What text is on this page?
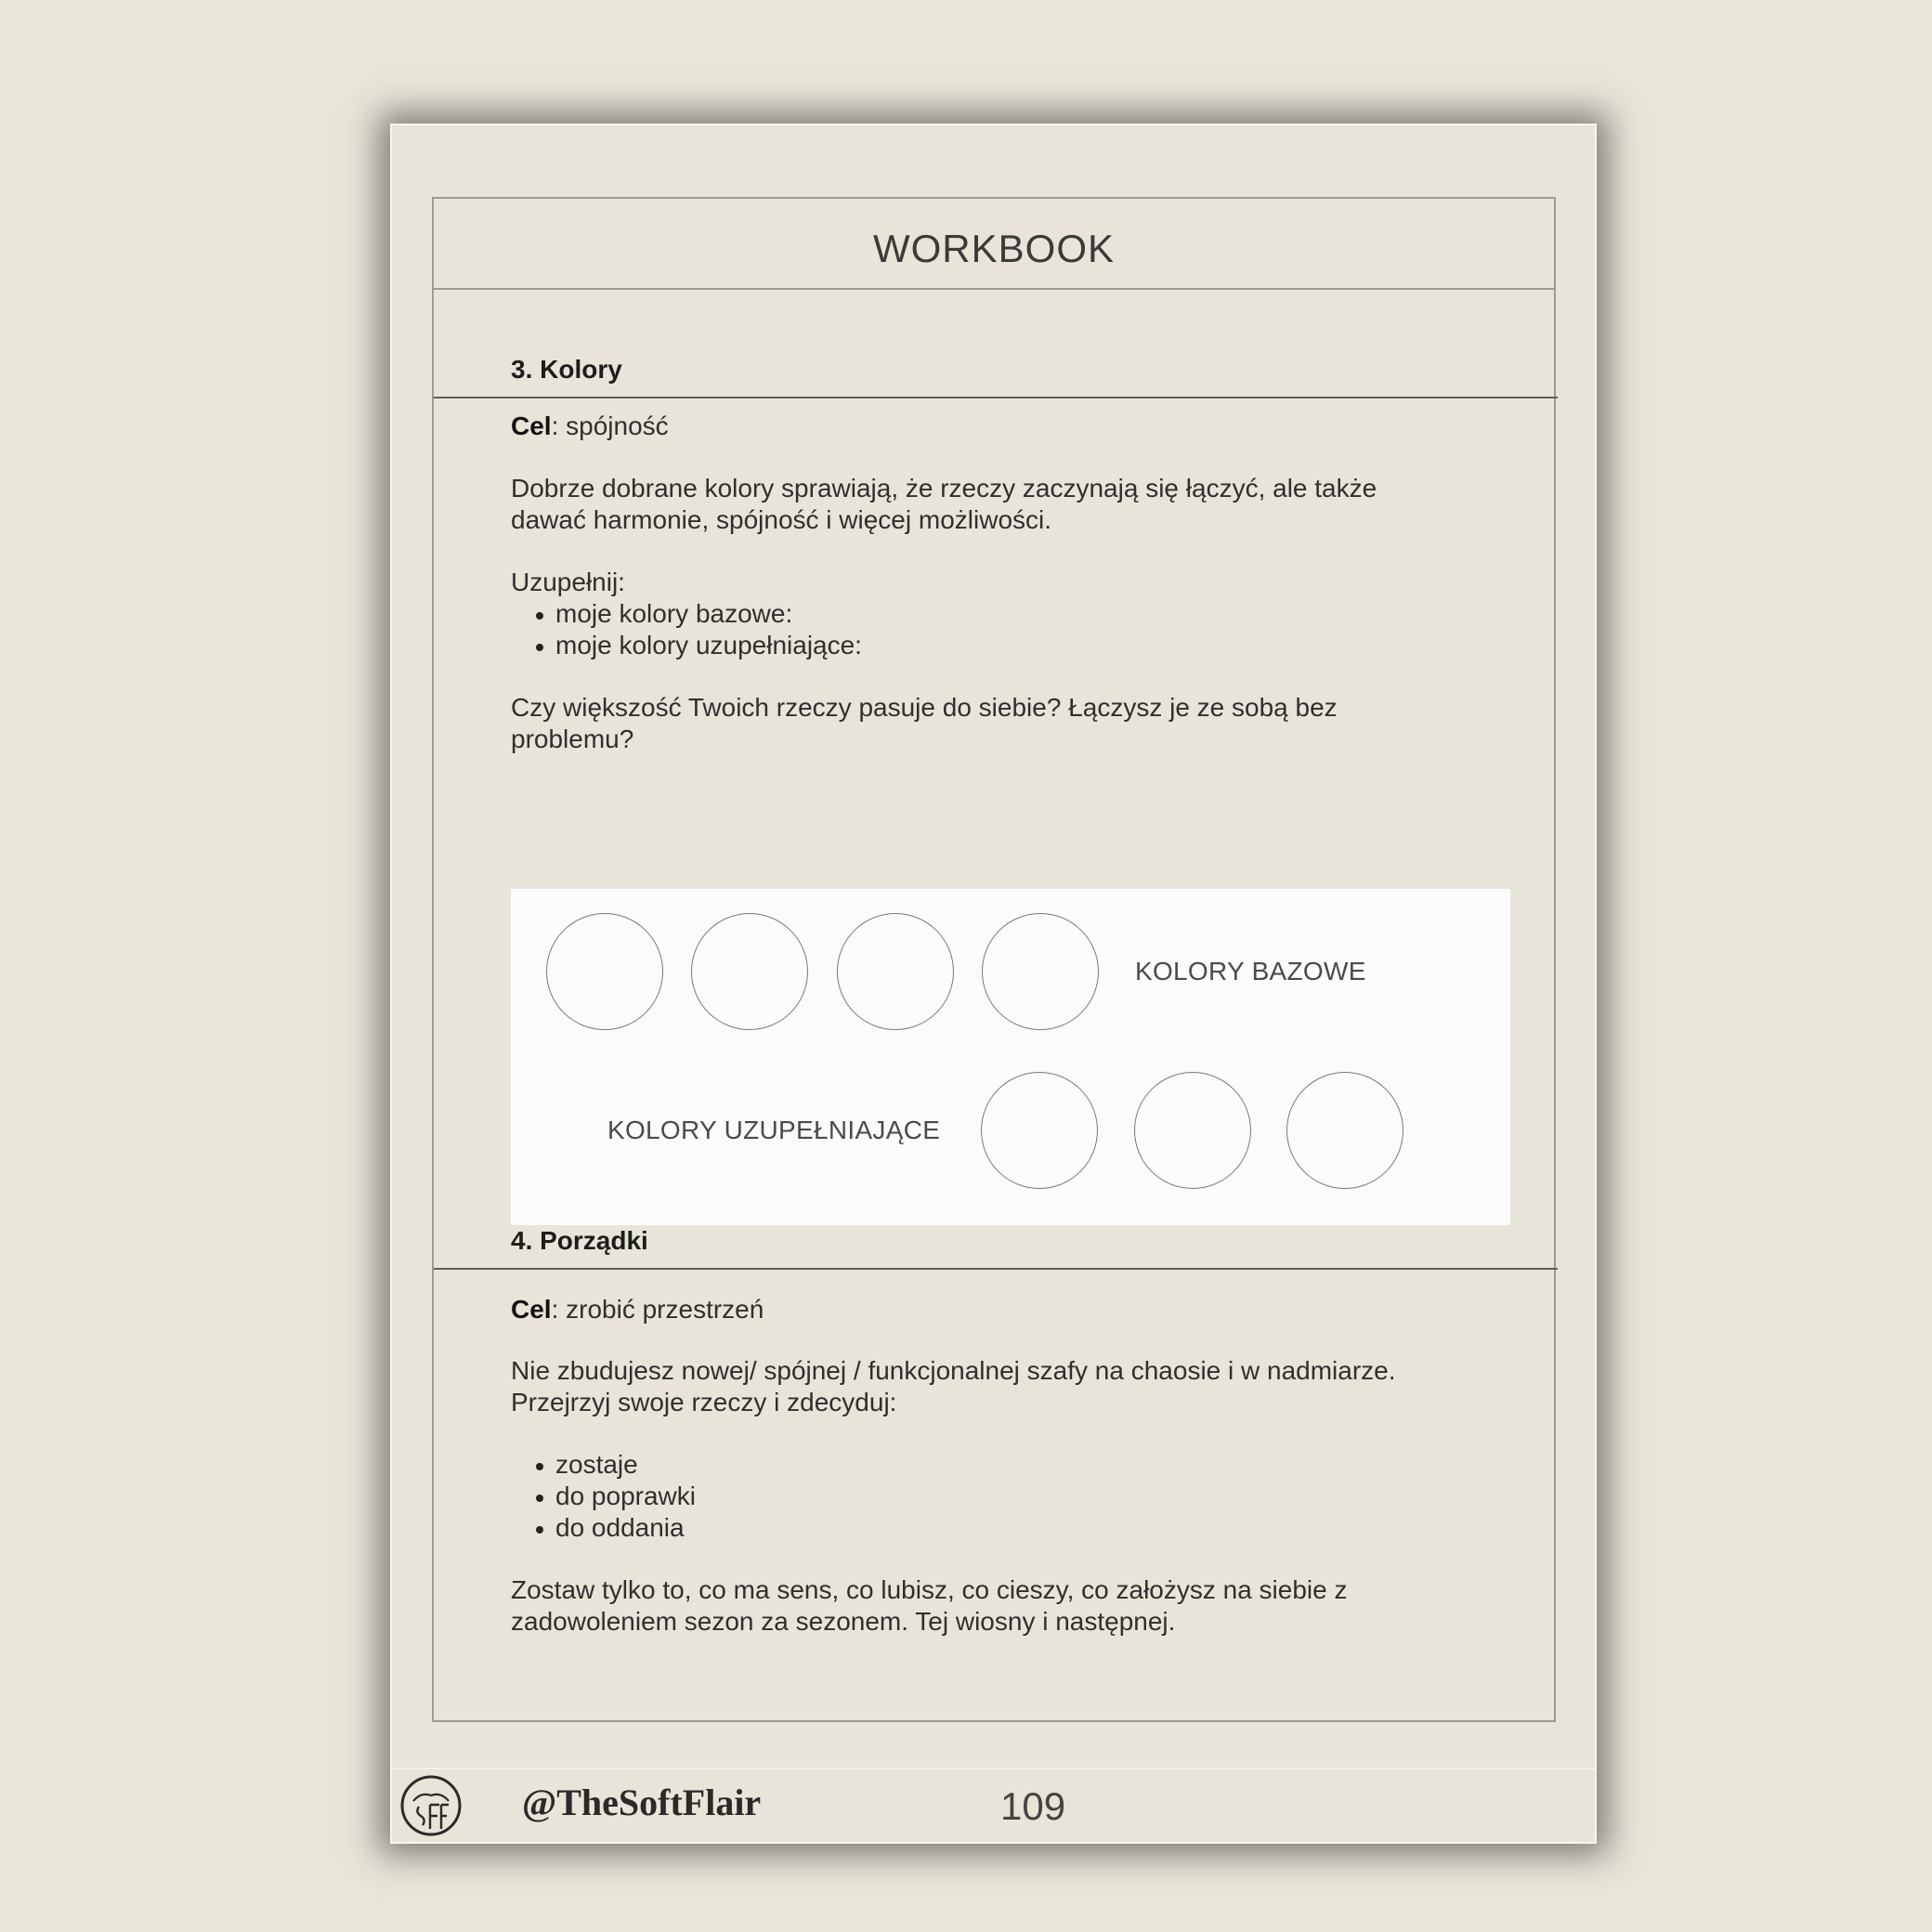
WORKBOOK
3. Kolory

Cel: spójność

Dobrze dobrane kolory sprawiają, że rzeczy zaczynają się łączyć, ale także
dawać harmonie, spójność i więcej możliwości.

Uzupełnij:

moje kolory bazowe:
moje kolory uzupełniające:

Czy większość Twoich rzeczy pasuje do siebie? Łączysz je ze sobą bez
problemu?

KOLORY BAZOWE
KOLORY UZUPEŁNIAJĄCE
4. Porządki

Cel: zrobić przestrzeń

Nie zbudujesz nowej/ spójnej / funkcjonalnej szafy na chaosie i w nadmiarze.
Przejrzyj swoje rzeczy i zdecyduj:

zostaje
do poprawki
do oddania

Zostaw tylko to, co ma sens, co lubisz, co cieszy, co założysz na siebie z
zadowoleniem sezon za sezonem. Tej wiosny i następnej.

@TheSoftFlair	109
